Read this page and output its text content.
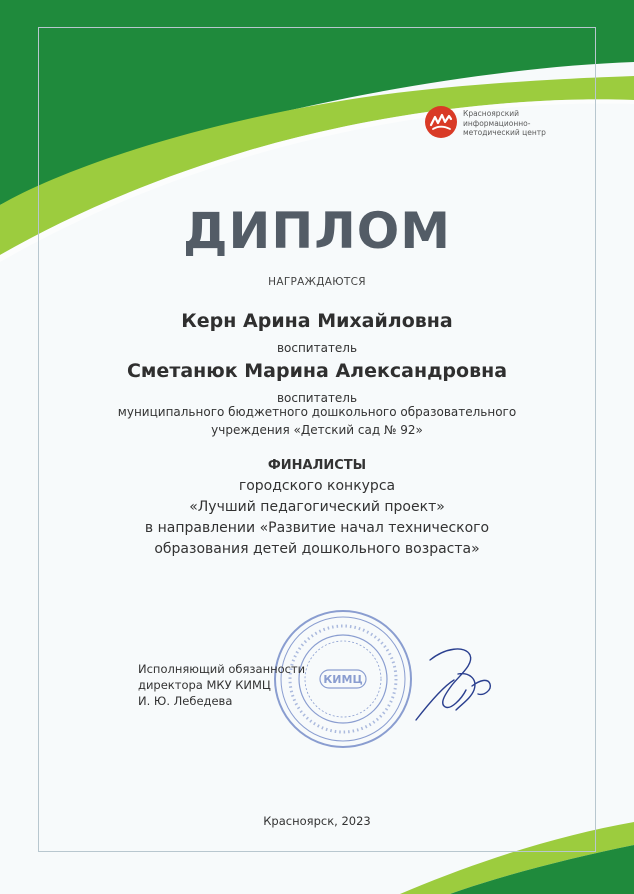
Красноярский
информационно-
методический центр
ДИПЛОМ
НАГРАЖДАЮТСЯ
Керн Арина Михайловна
воспитатель
Сметанюк Марина Александровна
воспитатель
муниципального бюджетного дошкольного образовательного
учреждения «Детский сад № 92»
ФИНАЛИСТЫ
городского конкурса
«Лучший педагогический проект»
в направлении «Развитие начал технического
образования детей дошкольного возраста»
КИМЦ
Исполняющий обязанности
директора МКУ КИМЦ
И. Ю. Лебедева
Красноярск, 2023
